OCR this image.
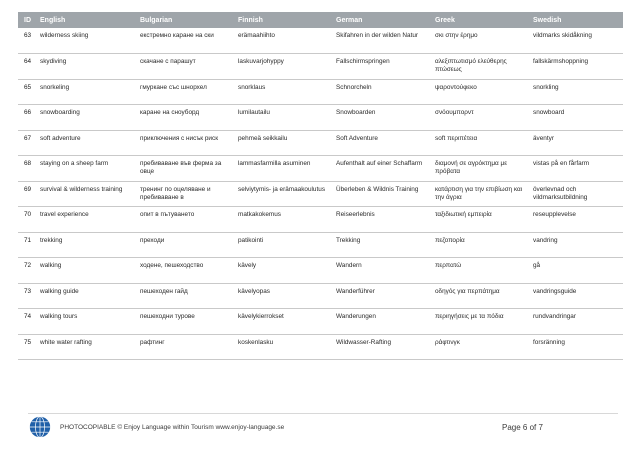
ID	English	Bulgarian	Finnish	German	Greek	Swedish
63	wilderness skiing	екстремно каране на ски	erämaahiihto	Skifahren in der wilden Natur	σκι στην έρημο	vildmarks skidåkning
64	skydiving	скачане с парашут	laskuvarjohyppy	Fallschirmspringen	αλεξιπτωτισμό ελεύθερης πτώσεως	fallskärmshoppning
65	snorkeling	гмуркане със шнорхел	snorklaus	Schnorcheln	ψαροντούφεκο	snorkling
66	snowboarding	каране на сноуборд	lumilautailu	Snowboarden	σνόουμπορντ	snowboard
67	soft adventure	приключения с нисък риск	pehmeä seikkailu	Soft Adventure	soft περιπέτεια	äventyr
68	staying on a sheep farm	пребиваване във ферма за овце	lammasfarmilla asuminen	Aufenthalt auf einer Schaffarm	διαμονή σε αγρόκτημα με πρόβατα	vistas på en fårfarm
69	survival & wilderness training	тренинг по оцеляване и пребиваване в	selviytymis- ja erämaakoulutus	Überleben & Wildnis Training	κατάρτιση για την επιβίωση και την άγρια	överlevnad och vildmarksutbildning
70	travel experience	опит в пътуването	matkakokemus	Reiseerlebnis	ταξιδιωτική εμπειρία	reseupplevelse
71	trekking	преходи	patikointi	Trekking	πεζοπορία	vandring
72	walking	ходене, пешеходство	kävely	Wandern	περπατώ	gå
73	walking guide	пешеходен гайд	kävelyopas	Wanderführer	οδηγός για περπάτημα	vandringsguide
74	walking tours	пешеходни турове	kävelykierrokset	Wanderungen	περιηγήσεις με τα πόδια	rundvandringar
75	white water rafting	рафтинг	koskenlasku	Wildwasser-Rafting	ράφτινγκ	forsränning
PHOTOCOPIABLE © Enjoy Language within Tourism www.enjoy-language.se	Page 6 of 7
